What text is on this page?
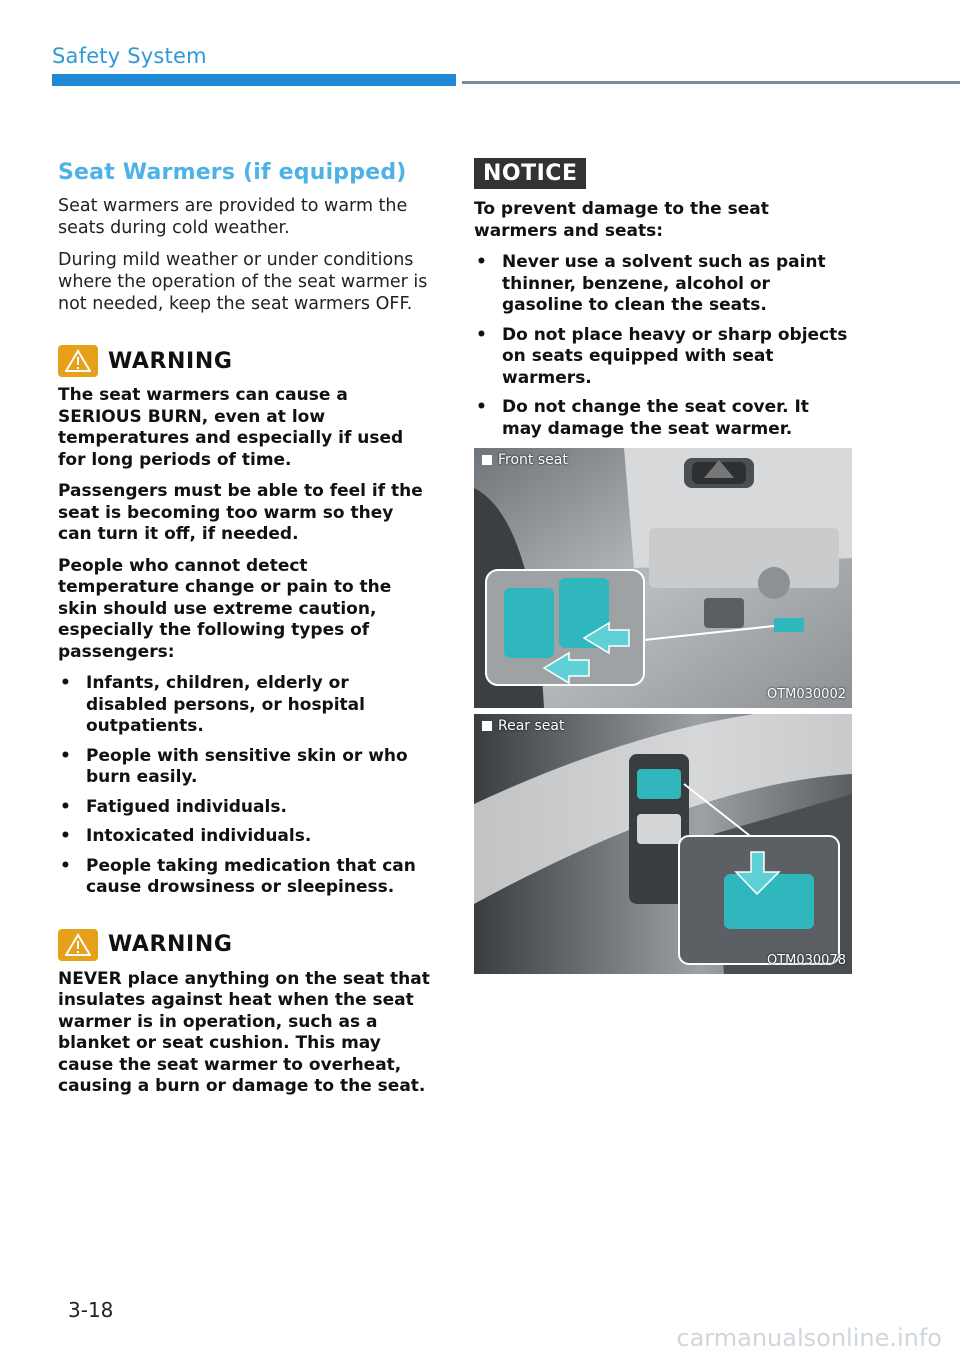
Safety System
Seat Warmers (if equipped)

Seat warmers are provided to warm the seats during cold weather.

During mild weather or under conditions where the operation of the seat warmer is not needed, keep the seat warmers OFF.

WARNING

The seat warmers can cause a SERIOUS BURN, even at low temperatures and especially if used for long periods of time.

Passengers must be able to feel if the seat is becoming too warm so they can turn it off, if needed.

People who cannot detect temperature change or pain to the skin should use extreme caution, especially the following types of passengers:

• Infants, children, elderly or disabled persons, or hospital outpatients.
• People with sensitive skin or who burn easily.
• Fatigued individuals.
• Intoxicated individuals.
• People taking medication that can cause drowsiness or sleepiness.
WARNING

NEVER place anything on the seat that insulates against heat when the seat warmer is in operation, such as a blanket or seat cushion. This may cause the seat warmer to overheat, causing a burn or damage to the seat.

NOTICE

To prevent damage to the seat warmers and seats:

• Never use a solvent such as paint thinner, benzene, alcohol or gasoline to clean the seats.
• Do not place heavy or sharp objects on seats equipped with seat warmers.
• Do not change the seat cover. It may damage the seat warmer.
Front seat
OTM030002
Rear seat
OTM030078
3-18
carmanualsonline.info
